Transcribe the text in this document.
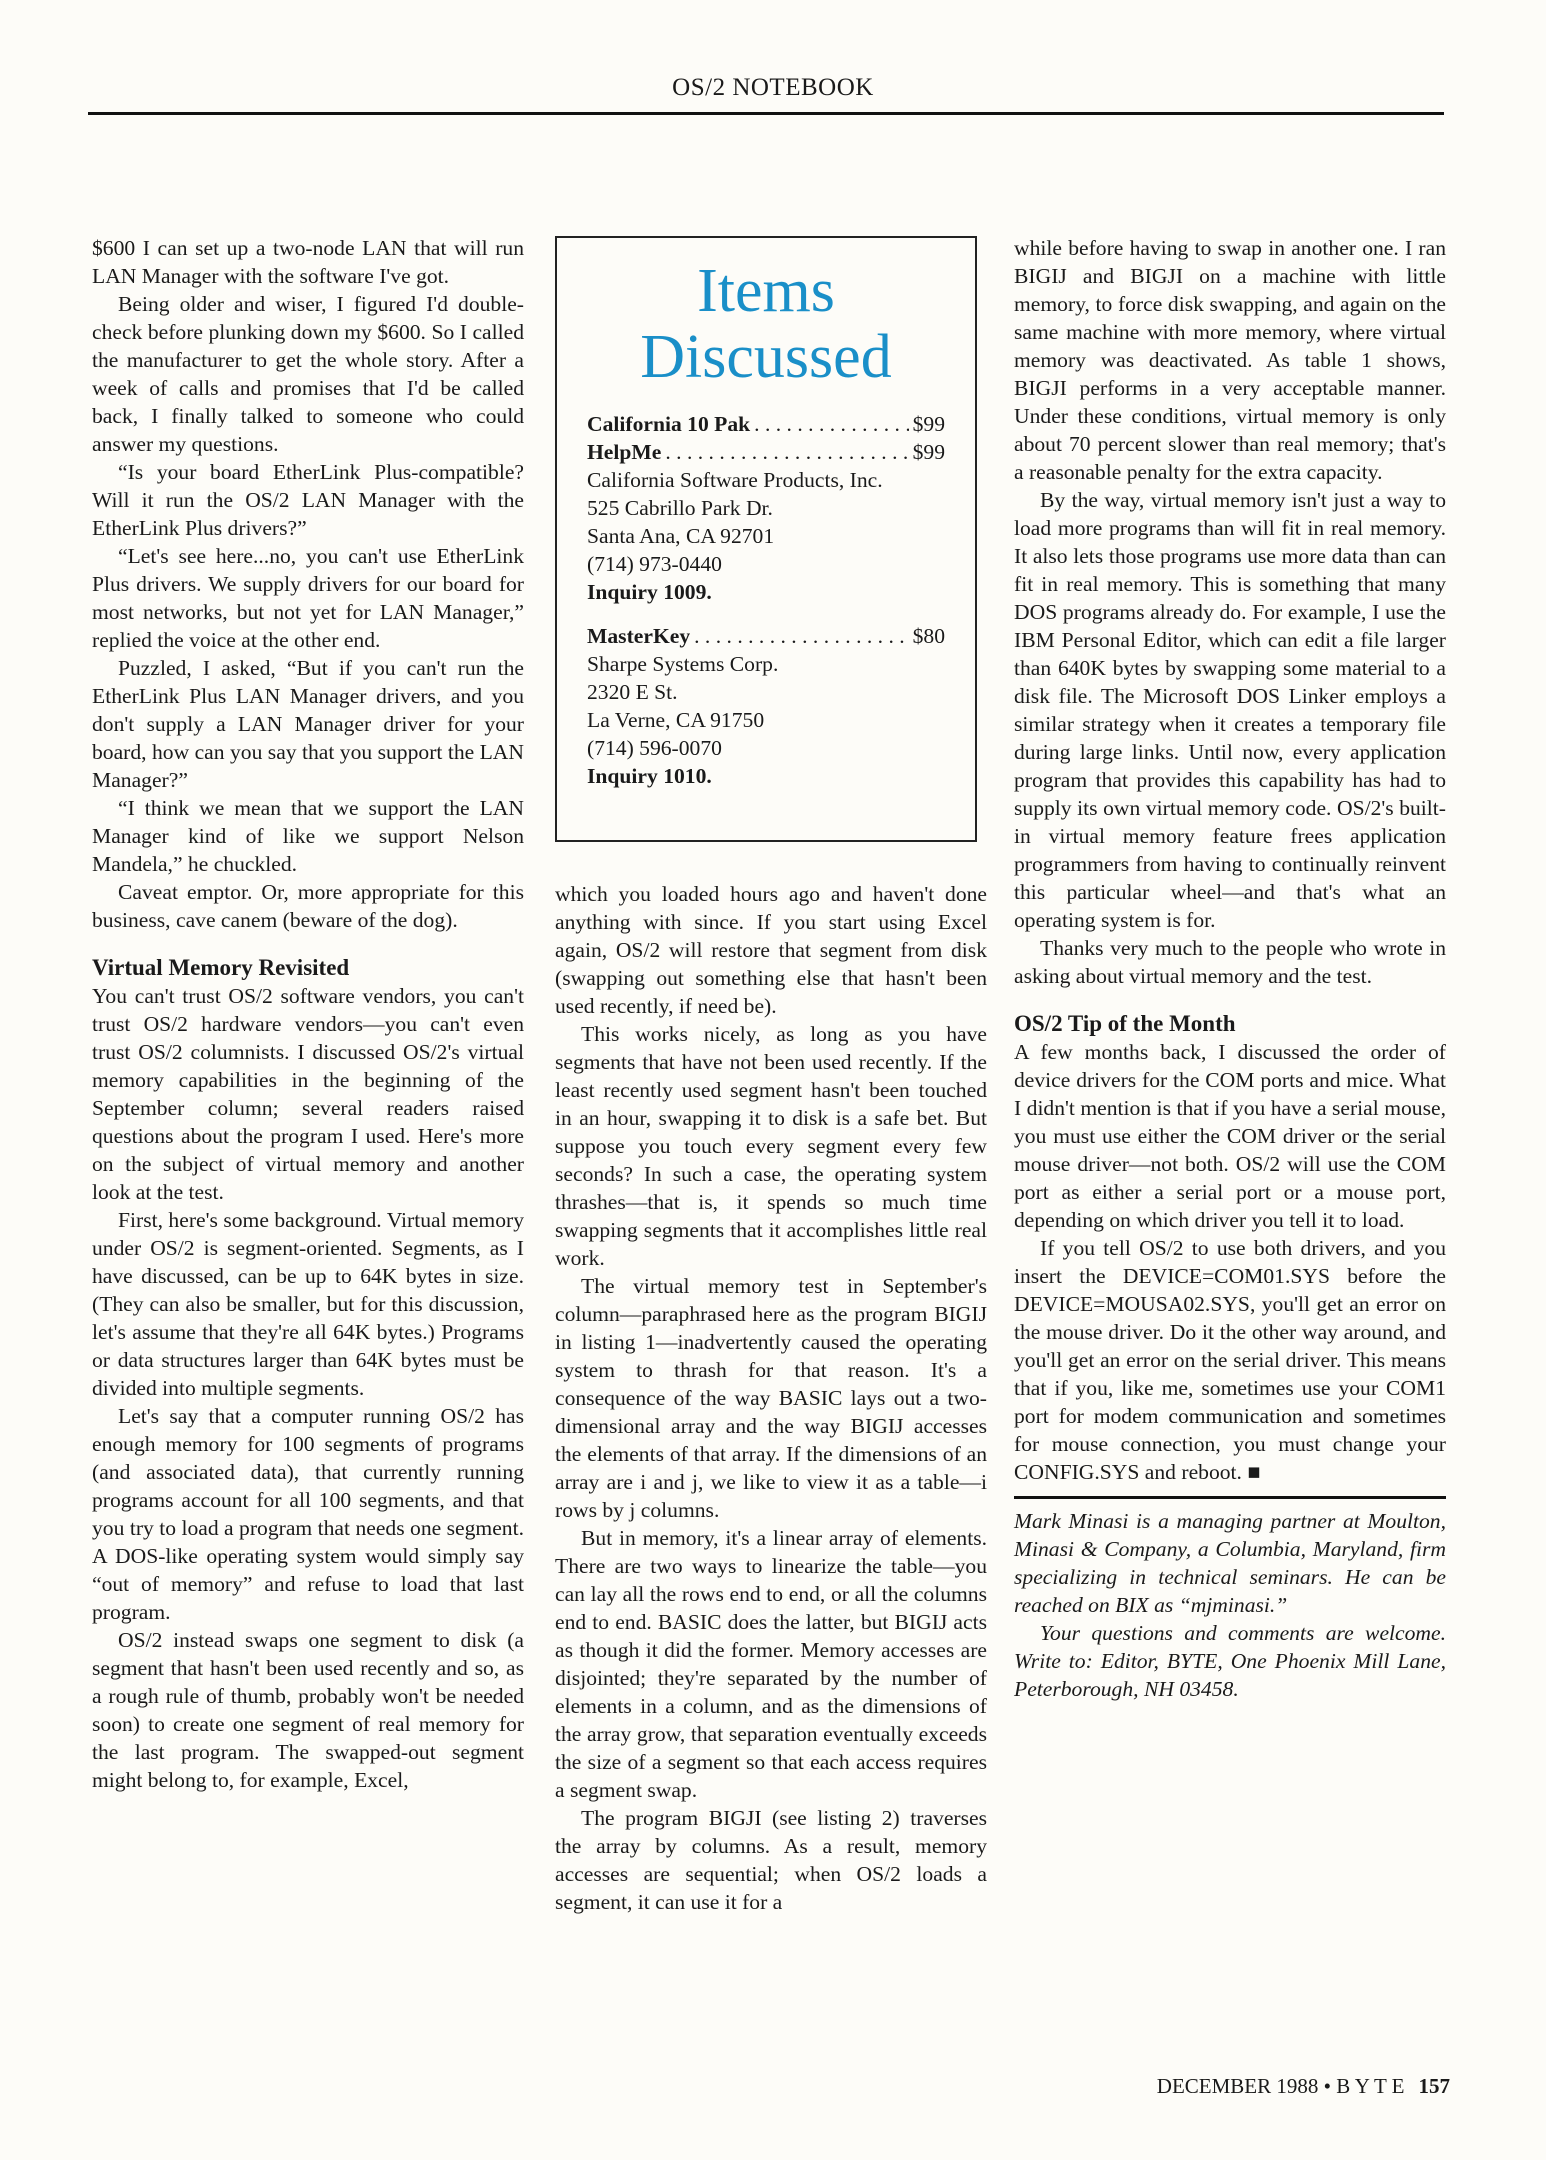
OS/2 NOTEBOOK

$600 I can set up a two-node LAN that will run LAN Manager with the software I've got.

Being older and wiser, I figured I'd double-check before plunking down my $600. So I called the manufacturer to get the whole story. After a week of calls and promises that I'd be called back, I finally talked to someone who could answer my questions.

“Is your board EtherLink Plus-compatible? Will it run the OS/2 LAN Manager with the EtherLink Plus drivers?”

“Let's see here...no, you can't use EtherLink Plus drivers. We supply drivers for our board for most networks, but not yet for LAN Manager,” replied the voice at the other end.

Puzzled, I asked, “But if you can't run the EtherLink Plus LAN Manager drivers, and you don't supply a LAN Manager driver for your board, how can you say that you support the LAN Manager?”

“I think we mean that we support the LAN Manager kind of like we support Nelson Mandela,” he chuckled.

Caveat emptor. Or, more appropriate for this business, cave canem (beware of the dog).

Virtual Memory Revisited

You can't trust OS/2 software vendors, you can't trust OS/2 hardware vendors—you can't even trust OS/2 columnists. I discussed OS/2's virtual memory capabilities in the beginning of the September column; several readers raised questions about the program I used. Here's more on the subject of virtual memory and another look at the test.

First, here's some background. Virtual memory under OS/2 is segment-oriented. Segments, as I have discussed, can be up to 64K bytes in size. (They can also be smaller, but for this discussion, let's assume that they're all 64K bytes.) Programs or data structures larger than 64K bytes must be divided into multiple segments.

Let's say that a computer running OS/2 has enough memory for 100 segments of programs (and associated data), that currently running programs account for all 100 segments, and that you try to load a program that needs one segment. A DOS-like operating system would simply say “out of memory” and refuse to load that last program.

OS/2 instead swaps one segment to disk (a segment that hasn't been used recently and so, as a rough rule of thumb, probably won't be needed soon) to create one segment of real memory for the last program. The swapped-out segment might belong to, for example, Excel,

Items
Discussed
California 10 Pak . . .	$99
HelpMe . . .	$99
California Software Products, Inc.
525 Cabrillo Park Dr.
Santa Ana, CA 92701
(714) 973-0440
Inquiry 1009.
MasterKey . . .	$80
Sharpe Systems Corp.
2320 E St.
La Verne, CA 91750
(714) 596-0070
Inquiry 1010.

which you loaded hours ago and haven't done anything with since. If you start using Excel again, OS/2 will restore that segment from disk (swapping out something else that hasn't been used recently, if need be).

This works nicely, as long as you have segments that have not been used recently. If the least recently used segment hasn't been touched in an hour, swapping it to disk is a safe bet. But suppose you touch every segment every few seconds? In such a case, the operating system thrashes—that is, it spends so much time swapping segments that it accomplishes little real work.

The virtual memory test in September's column—paraphrased here as the program BIGIJ in listing 1—inadvertently caused the operating system to thrash for that reason. It's a consequence of the way BASIC lays out a two-dimensional array and the way BIGIJ accesses the elements of that array. If the dimensions of an array are i and j, we like to view it as a table—i rows by j columns.

But in memory, it's a linear array of elements. There are two ways to linearize the table—you can lay all the rows end to end, or all the columns end to end. BASIC does the latter, but BIGIJ acts as though it did the former. Memory accesses are disjointed; they're separated by the number of elements in a column, and as the dimensions of the array grow, that separation eventually exceeds the size of a segment so that each access requires a segment swap.

The program BIGJI (see listing 2) traverses the array by columns. As a result, memory accesses are sequential; when OS/2 loads a segment, it can use it for a

while before having to swap in another one. I ran BIGIJ and BIGJI on a machine with little memory, to force disk swapping, and again on the same machine with more memory, where virtual memory was deactivated. As table 1 shows, BIGJI performs in a very acceptable manner. Under these conditions, virtual memory is only about 70 percent slower than real memory; that's a reasonable penalty for the extra capacity.

By the way, virtual memory isn't just a way to load more programs than will fit in real memory. It also lets those programs use more data than can fit in real memory. This is something that many DOS programs already do. For example, I use the IBM Personal Editor, which can edit a file larger than 640K bytes by swapping some material to a disk file. The Microsoft DOS Linker employs a similar strategy when it creates a temporary file during large links. Until now, every application program that provides this capability has had to supply its own virtual memory code. OS/2's built-in virtual memory feature frees application programmers from having to continually reinvent this particular wheel—and that's what an operating system is for.

Thanks very much to the people who wrote in asking about virtual memory and the test.

OS/2 Tip of the Month

A few months back, I discussed the order of device drivers for the COM ports and mice. What I didn't mention is that if you have a serial mouse, you must use either the COM driver or the serial mouse driver—not both. OS/2 will use the COM port as either a serial port or a mouse port, depending on which driver you tell it to load.

If you tell OS/2 to use both drivers, and you insert the DEVICE=COM01.SYS before the DEVICE=MOUSA02.SYS, you'll get an error on the mouse driver. Do it the other way around, and you'll get an error on the serial driver. This means that if you, like me, sometimes use your COM1 port for modem communication and sometimes for mouse connection, you must change your CONFIG.SYS and reboot. ■

Mark Minasi is a managing partner at Moulton, Minasi & Company, a Columbia, Maryland, firm specializing in technical seminars. He can be reached on BIX as “mjminasi.”

Your questions and comments are welcome. Write to: Editor, BYTE, One Phoenix Mill Lane, Peterborough, NH 03458.

DECEMBER 1988 • B Y T E 157
